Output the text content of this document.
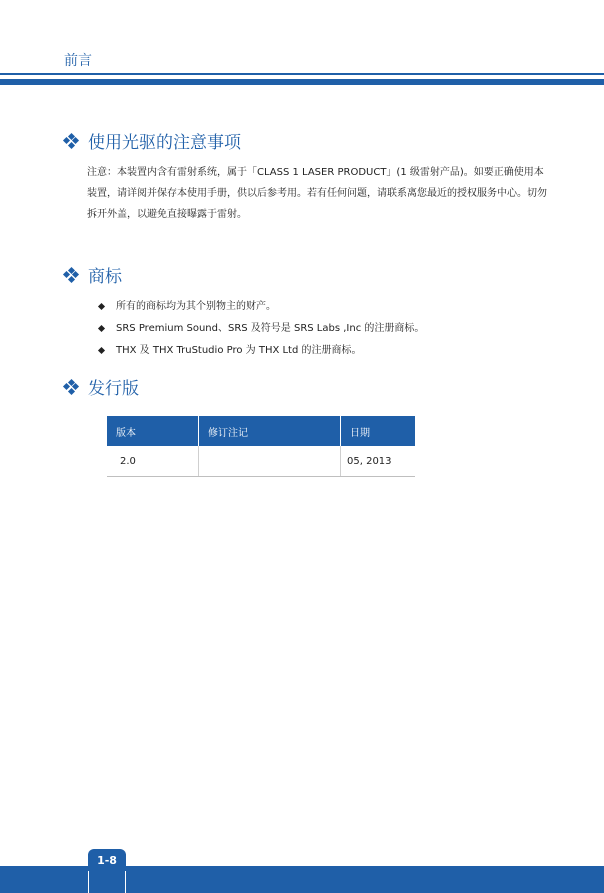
前言
使用光驱的注意事项
注意：本装置内含有雷射系统，属于「CLASS 1 LASER PRODUCT」(1 级雷射产品)。如要正确使用本装置，请详阅并保存本使用手册，供以后参考用。若有任何问题，请联系离您最近的授权服务中心。切勿拆开外盖，以避免直接曝露于雷射。
商标
所有的商标均为其个别物主的财产。
SRS Premium Sound、SRS 及符号是 SRS Labs ,Inc 的注册商标。
THX 及 THX TruStudio Pro 为 THX Ltd 的注册商标。
发行版
版本	修订注记	日期
2.0		05, 2013
1-8
